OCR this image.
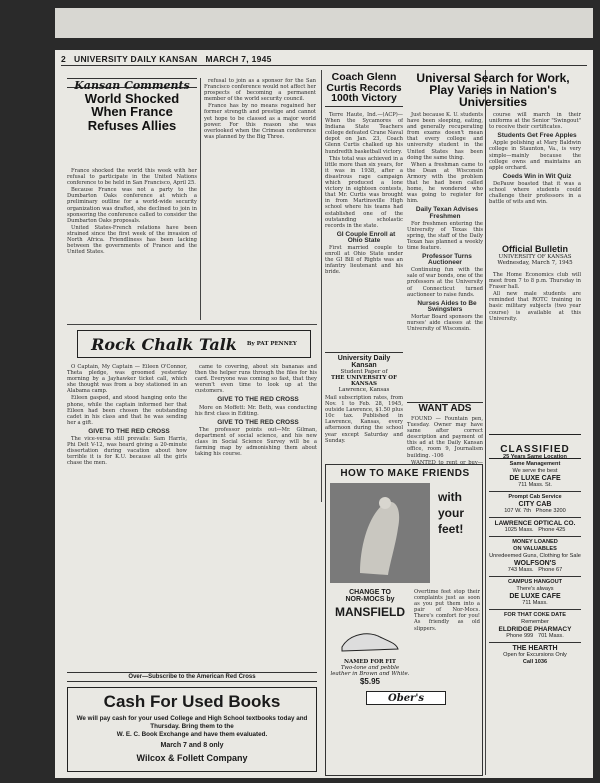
2 UNIVERSITY DAILY KANSAN MARCH 7, 1945
Kansan Comments
World Shocked When France Refuses Allies

France shocked the world this week with her refusal to participate in the United Nations conference to be held in San Francisco, April 25.

Because France was not a party to the Dumbarton Oaks conference at which a preliminary outline for a world-wide security organization was drafted, she declined to join in sponsoring the conference called to consider the Dumbarton Oaks proposals.

United States-French relations have been strained since the first week of the invasion of North Africa. Friendliness has been lacking between the governments of France and the United States.

refusal to join as a sponsor for the San Francisco conference would not affect her prospects of becoming a permanent member of the world security council.

France has by no means regained her former strength and prestige and cannot yet hope to be classed as a major world power. For this reason she was overlooked when the Crimean conference was planned by the Big Three.

Rock Chalk Talk By PAT PENNEY

O Captain, My Captain — Eileen O'Connor, Theta pledge, was groomed yesterday morning by a Jayhawker ticket call, which she thought was from a boy stationed in an Alabama camp.

Eileen gasped, and stood hanging onto the phone, while the captain informed her that Eileen had been chosen the outstanding cadet in his class and that he was sending her a gift.

GIVE TO THE RED CROSS

The vice-versa still prevails: Sam Harris, Phi Delt V-12, was heard giving a 20-minute dissertation during vacation about how terrible it is for K.U. because all the girls chase the men.

came to covering, about six bananas and then the helper runs through the files for his card. Everyone was coming so fast, that they weren't even time to look up at the customers.

GIVE TO THE RED CROSS

More on Moffett: Mr. Beth, was conducting his first class in Editing.

GIVE TO THE RED CROSS

The professor points out—Mr. Gilman, department of social science, and his new class in Social Science Survey will be a farming map by admonishing them about taking his course.

Over—Subscribe to the American Red Cross
Cash For Used Books
We will pay cash for your used College and High School textbooks today and Thursday. Bring them to the
W. E. C. Book Exchange and have them evaluated.
March 7 and 8 only
Wilcox & Follett Company
Coach Glenn Curtis Records 100th Victory

Terre Haute, Ind.—(ACP)—When the Sycamores of Indiana State Teachers college defeated Crane Naval depot on Jan. 23, Coach Glenn Curtis chalked up his hundredth basketball victory.

This total was achieved in a little more than six years, for it was in 1938, after a disastrous rage campaign which produced a lone victory in eighteen contests, that Mr. Curtis was brought in from Martinsville High school where his teams had established one of the outstanding scholastic records in the state.

GI Couple Enroll at Ohio State

First married couple to enroll at Ohio State under the GI Bill of Rights was an infantry lieutenant and his bride.

University Daily Kansan
Student Paper of
THE UNIVERSITY OF KANSAS
Lawrence, Kansas
Mail subscription rates, from Nov. 1 to Feb. 28, 1945, outside Lawrence, $1.50 plus 10c tax. Published in Lawrence, Kansas, every afternoon during the school year except Saturday and Sunday.
Universal Search for Work, Play Varies in Nation's Universities

Just because K. U. students have been sleeping, eating, and generally recuperating from exams doesn't mean that every college and university student in the United States has been doing the same thing.

When a freshman came to the Dean at Wisconsin Armory with the problem that he had been called home, he wondered who was going to register for him.

Daily Texan Advises Freshmen

For freshmen entering the University of Texas this spring, the staff of the Daily Texan has planned a weekly time feature.

Professor Turns Auctioneer

Continuing fun with the sale of war bonds, one of the professors at the University of Connecticut turned auctioneer to raise funds.

Nurses Aides to Be Swingsters

Mortar Board sponsors the nurses' aide classes at the University of Wisconsin.

course will march in their uniforms at the Senior "Swingout" to receive their certificates.

Students Get Free Apples

Apple polishing at Mary Baldwin college in Staunton, Va., is very simple—mainly because the college owns and maintains an apple orchard.

Coeds Win in Wit Quiz

DePauw boasted that it was a school where students could challenge their professors in a battle of wits and win.

Official Bulletin
UNIVERSITY OF KANSAS
Wednesday, March 7, 1945

The Home Economics club will meet from 7 to 8 p.m. Thursday in Fraser hall.

All new male students are reminded that ROTC training in basic military subjects (two year course) is available at this University.

WANT ADS

FOUND — Fountain pen, Tuesday. Owner may have same after correct description and payment of this ad at the Daily Kansan office, room 9, Journalism building. -106

WANTED to rent or buy—

HOW TO MAKE FRIENDS
with
your
feet!
CHANGE TO
NOR-MOCS by
MANSFIELD
NAMED FOR FIT
Two-tone and pebble leather in Brown and White.
$5.95
Overtime feet stop their complaints just as soon as you put them into a pair of Nor-Mocs. There's comfort for you! As friendly as old slippers.
Ober's
CLASSIFIED
25 Years Same Location
Same Management
We serve the best
DE LUXE CAFE
711 Mass. St.
Prompt Cab Service
CITY CAB
107 W. 7th Phone 3200
LAWRENCE OPTICAL CO.
1025 Mass. Phone 425
MONEY LOANED
ON VALUABLES
Unredeemed Guns, Clothing for Sale
WOLFSON'S
743 Mass. Phone 67
CAMPUS HANGOUT
There's always
DE LUXE CAFE
711 Mass.
FOR THAT COKE DATE
Remember
ELDRIDGE PHARMACY
Phone 999 701 Mass.
THE HEARTH
Open for Excursions Only
Call 1036
